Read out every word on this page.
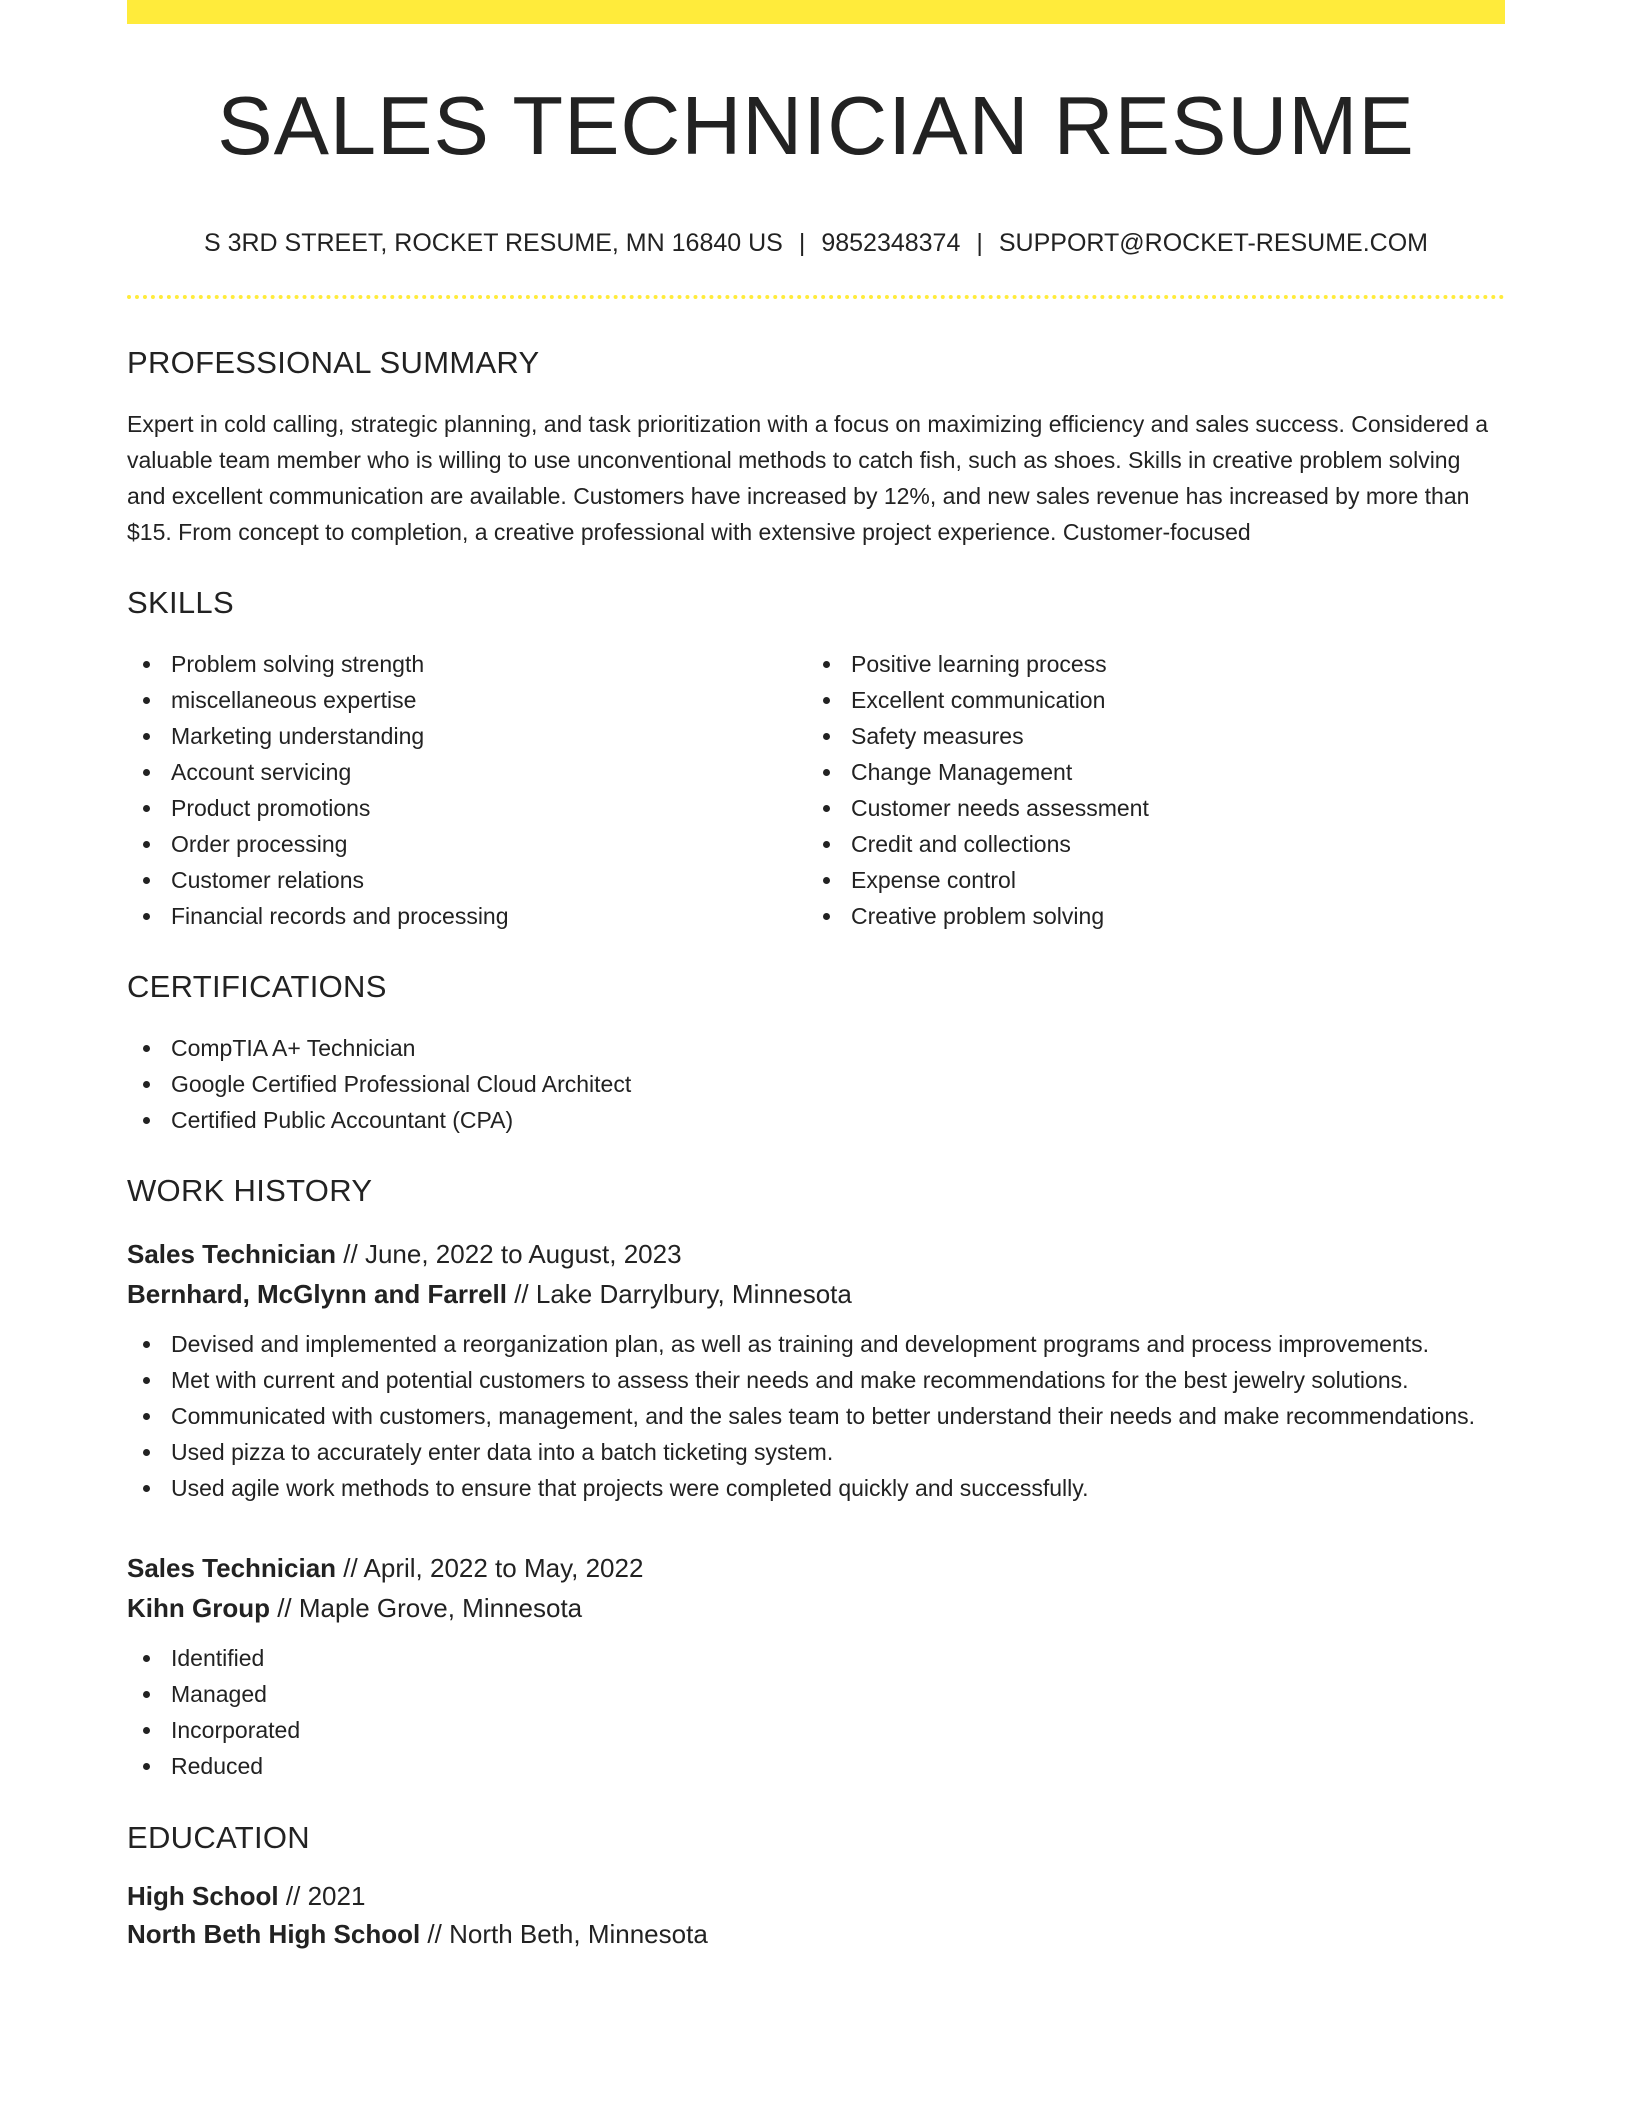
SALES TECHNICIAN RESUME
S 3RD STREET, ROCKET RESUME, MN 16840 US | 9852348374 | SUPPORT@ROCKET-RESUME.COM
PROFESSIONAL SUMMARY

Expert in cold calling, strategic planning, and task prioritization with a focus on maximizing efficiency and sales success. Considered a valuable team member who is willing to use unconventional methods to catch fish, such as shoes. Skills in creative problem solving and excellent communication are available. Customers have increased by 12%, and new sales revenue has increased by more than $15. From concept to completion, a creative professional with extensive project experience. Customer-focused

SKILLS
Problem solving strength
miscellaneous expertise
Marketing understanding
Account servicing
Product promotions
Order processing
Customer relations
Financial records and processing
Positive learning process
Excellent communication
Safety measures
Change Management
Customer needs assessment
Credit and collections
Expense control
Creative problem solving
CERTIFICATIONS
CompTIA A+ Technician
Google Certified Professional Cloud Architect
Certified Public Accountant (CPA)
WORK HISTORY
Sales Technician // June, 2022 to August, 2023
Bernhard, McGlynn and Farrell // Lake Darrylbury, Minnesota
Devised and implemented a reorganization plan, as well as training and development programs and process improvements.
Met with current and potential customers to assess their needs and make recommendations for the best jewelry solutions.
Communicated with customers, management, and the sales team to better understand their needs and make recommendations.
Used pizza to accurately enter data into a batch ticketing system.
Used agile work methods to ensure that projects were completed quickly and successfully.
Sales Technician // April, 2022 to May, 2022
Kihn Group // Maple Grove, Minnesota
Identified
Managed
Incorporated
Reduced
EDUCATION
High School // 2021
North Beth High School // North Beth, Minnesota
